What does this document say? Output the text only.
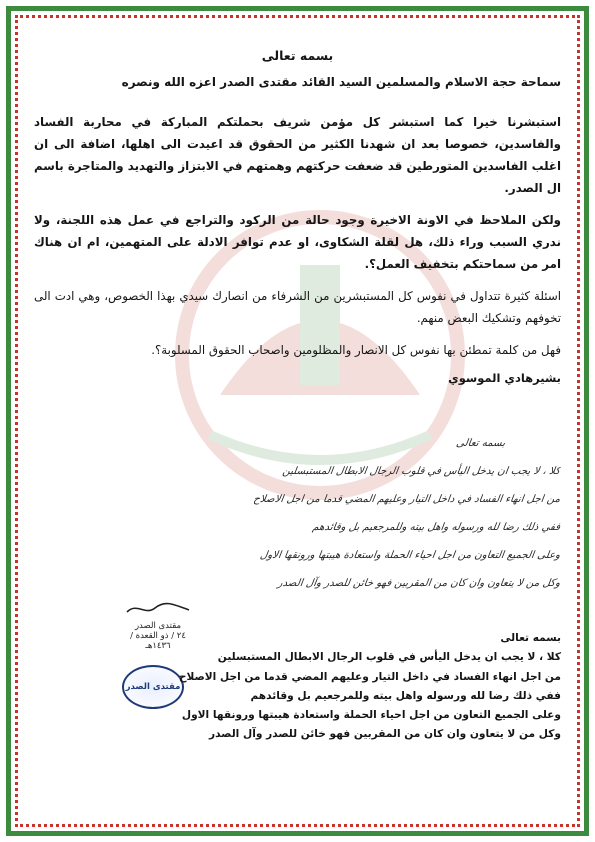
بسمه تعالى
سماحة حجة الاسلام والمسلمين السيد القائد مقتدى الصدر اعزه الله ونصره
استبشرنا خيرا كما استبشر كل مؤمن شريف بحملتكم المباركة في محاربة الفساد والفاسدين، خصوصا بعد ان شهدنا الكثير من الحقوق قد اعيدت الى اهلها، اضافة الى ان اغلب الفاسدين المتورطين قد ضعفت حركتهم وهمتهم في الابتزاز والتهديد والمتاجرة باسم ال الصدر.
ولكن الملاحظ في الاونة الاخيرة وجود حالة من الركود والتراجع في عمل هذه اللجنة، ولا ندري السبب وراء ذلك، هل لقلة الشكاوى، او عدم توافر الادلة على المتهمين، ام ان هناك امر من سماحتكم بتخفيف العمل؟.
اسئلة كثيرة تتداول في نفوس كل المستبشرين من الشرفاء من انصارك سيدي بهذا الخصوص، وهي ادت الى تخوفهم وتشكيك البعض منهم.
فهل من كلمة تمطئن بها نفوس كل الانصار والمظلومين واصحاب الحقوق المسلوبة؟.
بشيرهادي الموسوي
بسمه تعالى
كلا ، لا يجب ان يدخل اليأس في قلوب الرجال الابطال المستبسلين
من اجل انهاء الفساد في داخل التيار وعليهم المضي قدما من اجل الاصلاح
ففي ذلك رضا لله ورسوله واهل بيته وللمرجعيم بل وقائدهم
وعلى الجميع التعاون من اجل احياء الحملة واستعادة هيبتها ورونقها الاول
وكل من لا يتعاون وان كان من المقربين فهو خائن للصدر وآل الصدر
مقتدى الصدر
٢٤ / ذو القعدة / ١٤٣٦هـ
مقتدى الصدر
بسمه تعالى
كلا ، لا يجب ان يدخل اليأس في قلوب الرجال الابطال المستبسلين
من اجل انهاء الفساد في داخل التيار وعليهم المضي قدما من اجل الاصلاح
ففي ذلك رضا لله ورسوله واهل بيته وللمرجعيم بل وقائدهم
وعلى الجميع التعاون من اجل احياء الحملة واستعادة هيبتها ورونقها الاول
وكل من لا يتعاون وان كان من المقربين فهو خائن للصدر وآل الصدر
